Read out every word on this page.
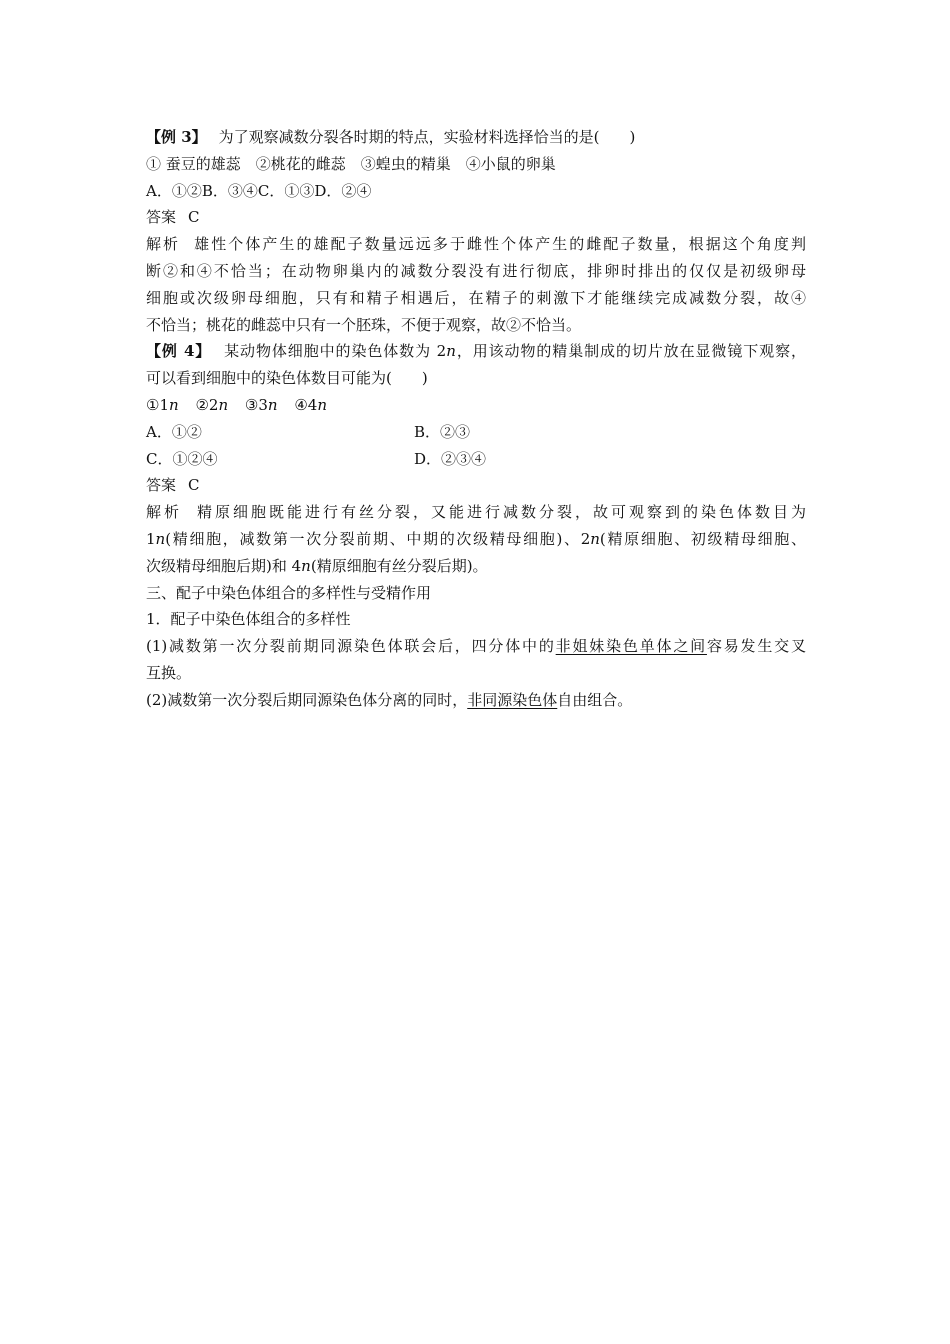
【例 3】 为了观察减数分裂各时期的特点，实验材料选择恰当的是(　　)
① 蚕豆的雄蕊　②桃花的雌蕊　③蝗虫的精巢　④小鼠的卵巢
A．①②B．③④C．①③D．②④
答案 C
解析 雄性个体产生的雄配子数量远远多于雌性个体产生的雌配子数量，根据这个角度判
断②和④不恰当；在动物卵巢内的减数分裂没有进行彻底，排卵时排出的仅仅是初级卵母
细胞或次级卵母细胞，只有和精子相遇后，在精子的刺激下才能继续完成减数分裂，故④
不恰当；桃花的雌蕊中只有一个胚珠，不便于观察，故②不恰当。
【例 4】 某动物体细胞中的染色体数为 2n，用该动物的精巢制成的切片放在显微镜下观察，
可以看到细胞中的染色体数目可能为(　　)
①1n ②2n ③3n ④4n
A．①②	B．②③
C．①②④	D．②③④
答案 C
解析 精原细胞既能进行有丝分裂，又能进行减数分裂，故可观察到的染色体数目为
1n(精细胞，减数第一次分裂前期、中期的次级精母细胞)、2n(精原细胞、初级精母细胞、
次级精母细胞后期)和 4n(精原细胞有丝分裂后期)。
三、配子中染色体组合的多样性与受精作用
1．配子中染色体组合的多样性
(1)减数第一次分裂前期同源染色体联会后，四分体中的非姐妹染色单体之间容易发生交叉
互换。
(2)减数第一次分裂后期同源染色体分离的同时，非同源染色体自由组合。
